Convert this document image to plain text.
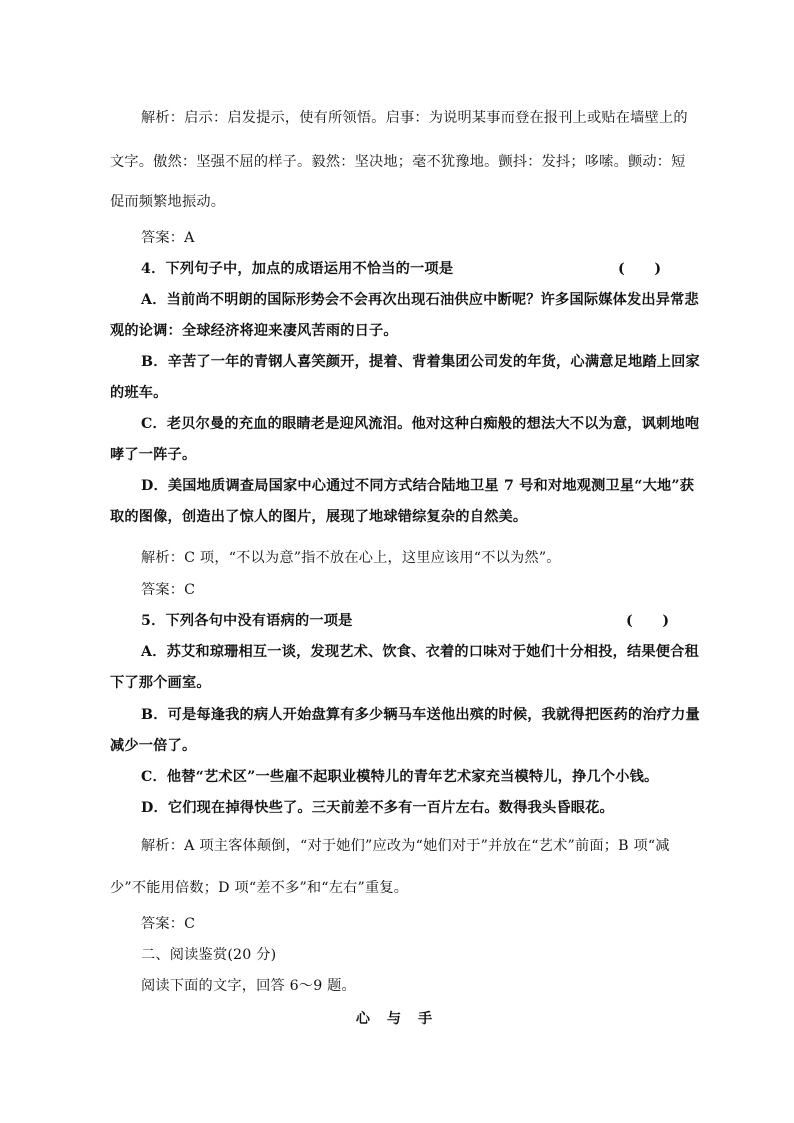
解析：启示：启发提示，使有所领悟。启事：为说明某事而登在报刊上或贴在墙壁上的
文字。傲然：坚强不屈的样子。毅然：坚决地；毫不犹豫地。颤抖：发抖；哆嗦。颤动：短
促而频繁地振动。
答案：A
4．下列句子中，加点的成语运用不恰当的一项是	(      )
A．当前尚不明朗的国际形势会不会再次出现石油供应中断呢？许多国际媒体发出异常悲
观的论调：全球经济将迎来凄风苦雨的日子。
B．辛苦了一年的青钢人喜笑颜开，提着、背着集团公司发的年货，心满意足地踏上回家
的班车。
C．老贝尔曼的充血的眼睛老是迎风流泪。他对这种白痴般的想法大不以为意，讽刺地咆
哮了一阵子。
D．美国地质调查局国家中心通过不同方式结合陆地卫星 7 号和对地观测卫星“大地”获
取的图像，创造出了惊人的图片，展现了地球错综复杂的自然美。
解析：C 项，“不以为意”指不放在心上，这里应该用“不以为然”。
答案：C
5．下列各句中没有语病的一项是	(      )
A．苏艾和琼珊相互一谈，发现艺术、饮食、衣着的口味对于她们十分相投，结果便合租
下了那个画室。
B．可是每逢我的病人开始盘算有多少辆马车送他出殡的时候，我就得把医药的治疗力量
减少一倍了。
C．他替“艺术区”一些雇不起职业模特儿的青年艺术家充当模特儿，挣几个小钱。
D．它们现在掉得快些了。三天前差不多有一百片左右。数得我头昏眼花。
解析：A 项主客体颠倒，“对于她们”应改为“她们对于”并放在“艺术”前面；B 项“减
少”不能用倍数；D 项“差不多”和“左右”重复。
答案：C
二、阅读鉴赏(20 分)
阅读下面的文字，回答 6～9 题。
心 与 手
